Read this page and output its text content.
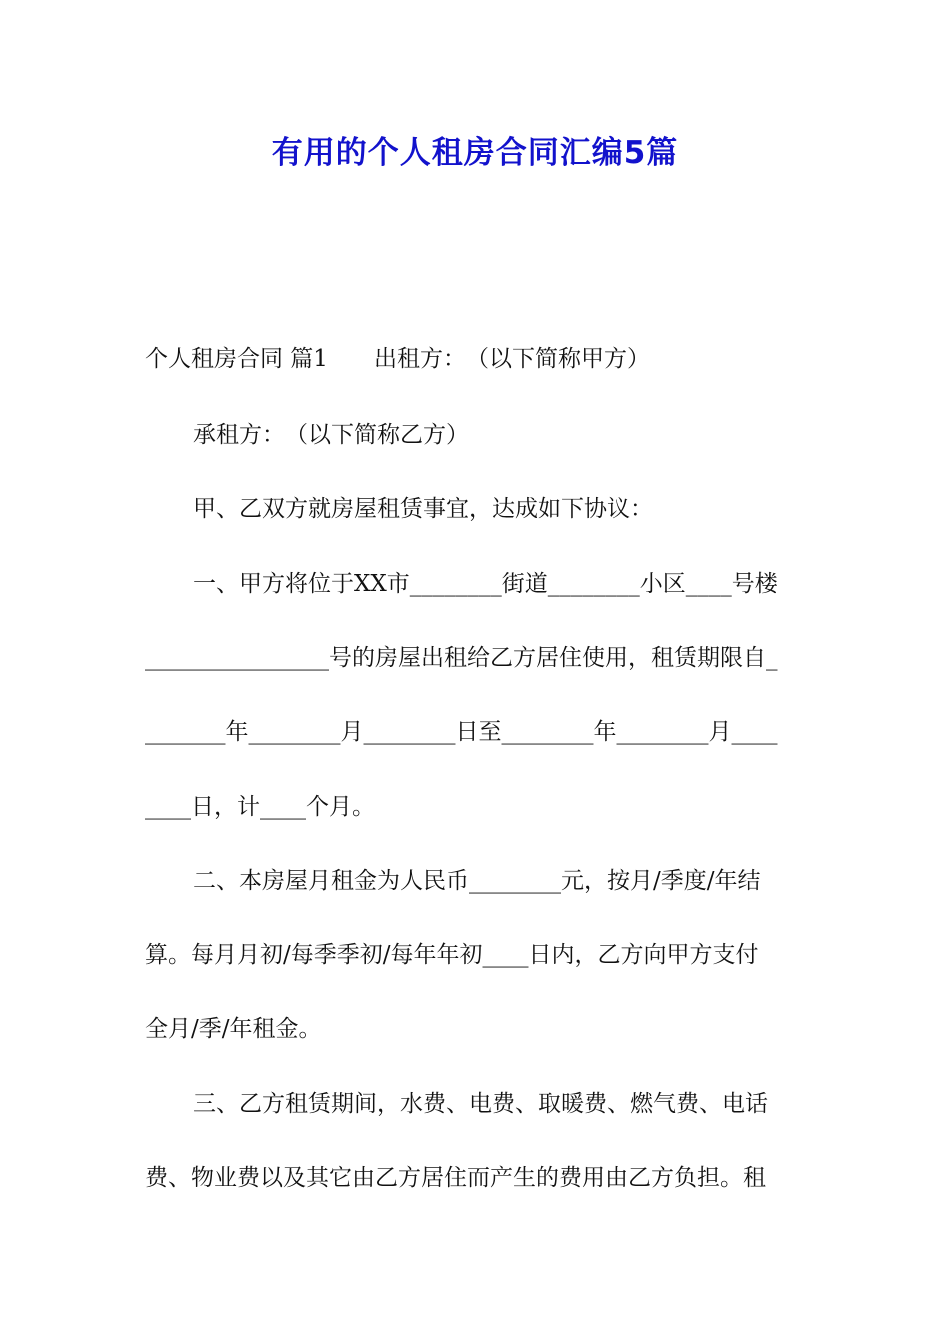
有用的个人租房合同汇编5篇

个人租房合同 篇1 出租方：　（以下简称甲方）

承租方：　（以下简称乙方）

甲、乙双方就房屋租赁事宜，达成如下协议：

一、甲方将位于XX市________街道________小区____号楼

________________号的房屋出租给乙方居住使用，租赁期限自_

_______年________月________日至________年________月____

____日，计____个月。

二、本房屋月租金为人民币________元，按月/季度/年结

算。每月月初/每季季初/每年年初____日内，乙方向甲方支付

全月/季/年租金。

三、乙方租赁期间，水费、电费、取暖费、燃气费、电话

费、物业费以及其它由乙方居住而产生的费用由乙方负担。租
